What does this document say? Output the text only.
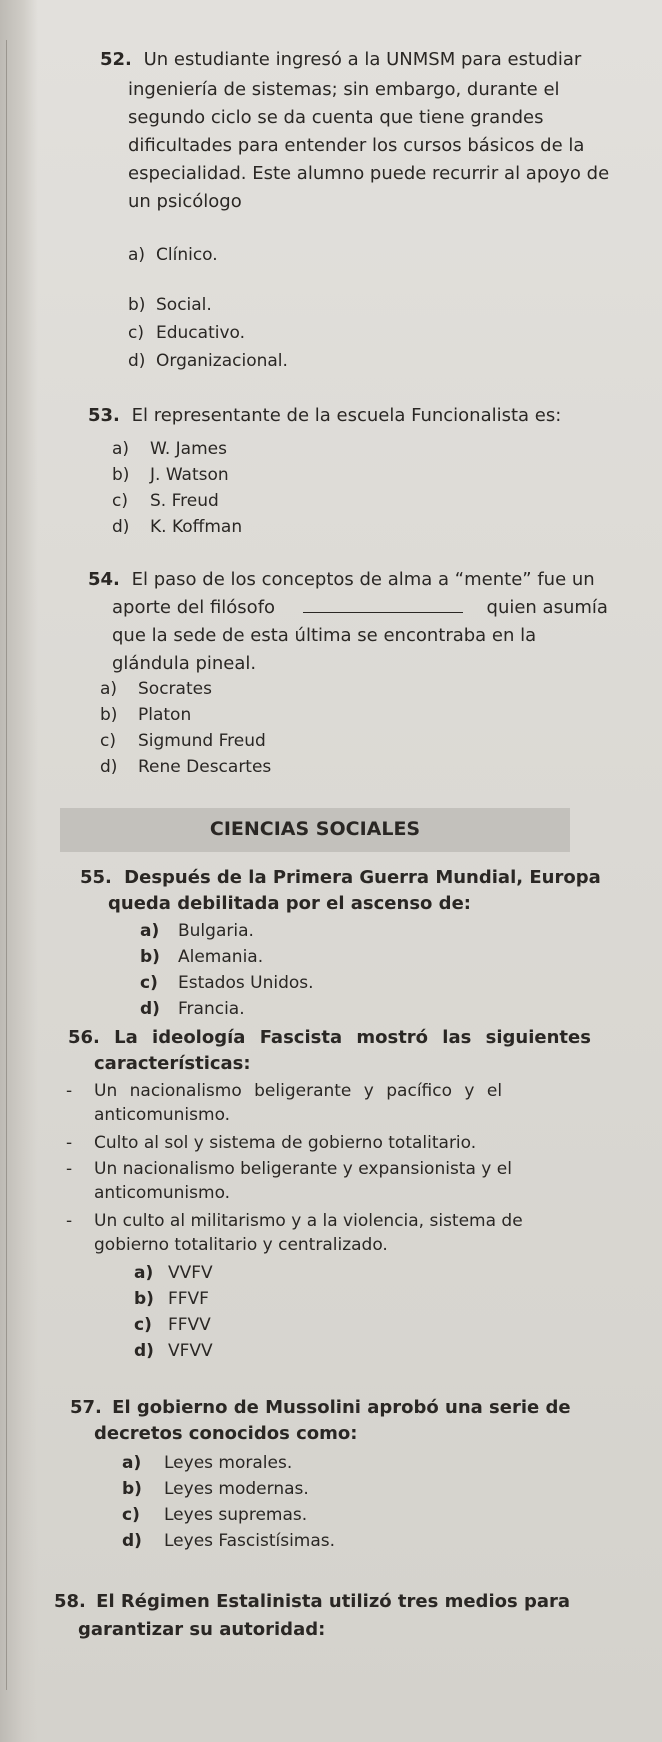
52. Un estudiante ingresó a la UNMSM para estudiar
ingeniería de sistemas; sin embargo, durante el
segundo ciclo se da cuenta que tiene grandes
dificultades para entender los cursos básicos de la
especialidad. Este alumno puede recurrir al apoyo de
un psicólogo
a) Clínico.
b) Social.
c) Educativo.
d) Organizacional.
53. El representante de la escuela Funcionalista es:
a) W. James
b) J. Watson
c) S. Freud
d) K. Koffman
54. El paso de los conceptos de alma a “mente” fue un
aporte del filósofo	quien asumía
que la sede de esta última se encontraba en la
glándula pineal.
a) Socrates
b) Platon
c) Sigmund Freud
d) Rene Descartes
CIENCIAS SOCIALES
55. Después de la Primera Guerra Mundial, Europa
queda debilitada por el ascenso de:
a) Bulgaria.
b) Alemania.
c) Estados Unidos.
d) Francia.
56. La ideología Fascista mostró las siguientes
características:
- Un nacionalismo beligerante y pacífico y el
anticomunismo.
- Culto al sol y sistema de gobierno totalitario.
- Un nacionalismo beligerante y expansionista y el
anticomunismo.
- Un culto al militarismo y a la violencia, sistema de
gobierno totalitario y centralizado.
a) VVFV
b) FFVF
c) FFVV
d) VFVV
57. El gobierno de Mussolini aprobó una serie de
decretos conocidos como:
a) Leyes morales.
b) Leyes modernas.
c) Leyes supremas.
d) Leyes Fascistísimas.
58. El Régimen Estalinista utilizó tres medios para
garantizar su autoridad:
